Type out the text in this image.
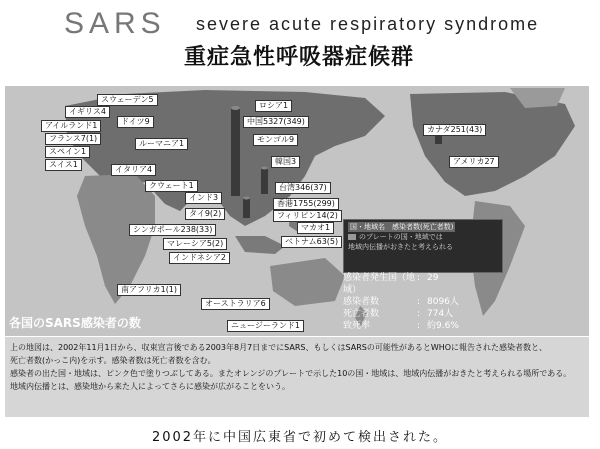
SARS severe acute respiratory syndrome
重症急性呼吸器症候群
スウェーデン5
イギリス4
ドイツ9
アイルランド1
フランス7(1)
スペイン1
スイス1
ルーマニア1
イタリア4
クウェート1
インド3
タイ9(2)
シンガポール238(33)
マレーシア5(2)
インドネシア2
南アフリカ1(1)
オーストラリア6
ニュージーランド1
ロシア1
中国5327(349)
モンゴル9
韓国3
台湾346(37)
香港1755(299)
フィリピン14(2)
マカオ1
ベトナム63(5)
カナダ251(43)
アメリカ27
国・地域名　感染者数(死亡者数)
のプレートの国・地域では
地域内伝播がおきたと考えられる
感染者発生国（地域）
: 29
感染者数	: 8096人
死亡者数	: 774人
致死率	: 約9.6%
各国のSARS感染者の数

上の地図は、2002年11月1日から、収束宣言後である2003年8月7日までにSARS、もしくはSARSの可能性があるとWHOに報告された感染者数と、

死亡者数(かっこ内)を示す。感染者数は死亡者数を含む。

感染者の出た国・地域は、ピンク色で塗りつぶしてある。またオレンジのプレートで示した10の国・地域は、地域内伝播がおきたと考えられる場所である。

地域内伝播とは、感染地から来た人によってさらに感染が広がることをいう。

2002年に中国広東省で初めて検出された。
